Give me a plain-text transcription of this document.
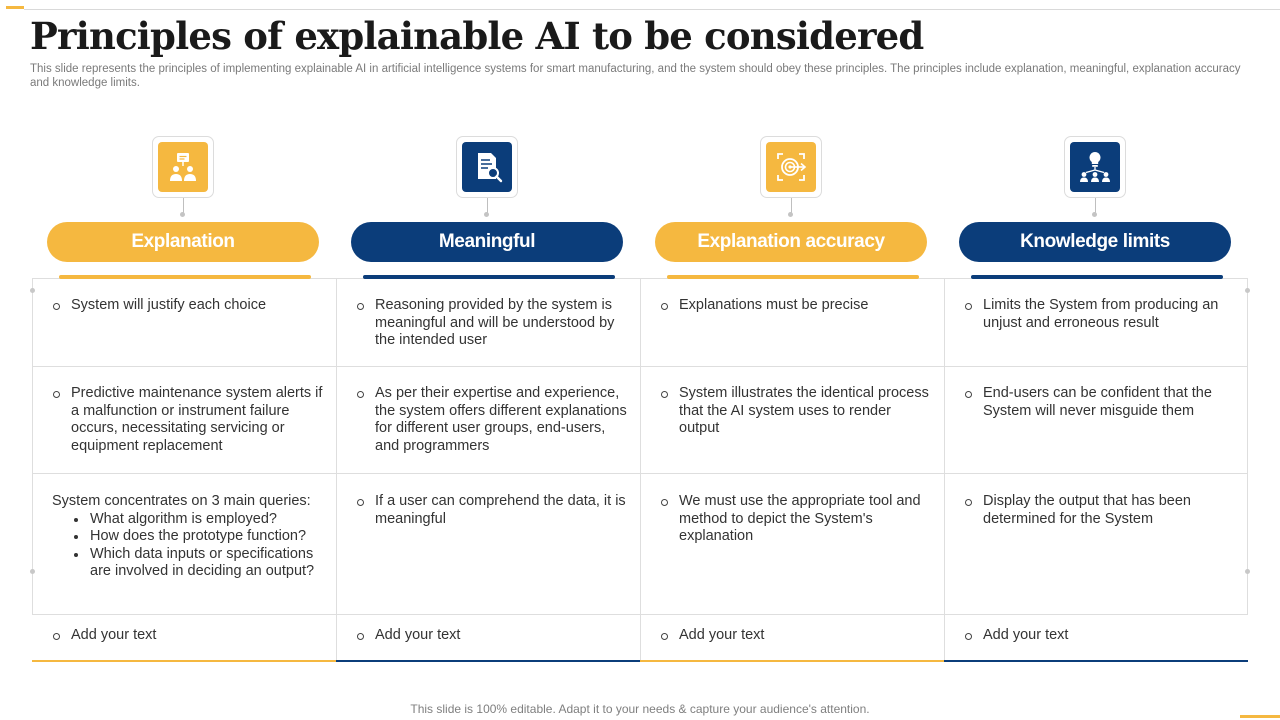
Principles of explainable AI to be considered

This slide represents the principles of implementing explainable AI in artificial intelligence systems for smart manufacturing, and the system should obey these principles. The principles include explanation, meaningful, explanation accuracy and knowledge limits.

Explanation
System will justify each choice
Predictive maintenance system alerts if a malfunction or instrument failure occurs, necessitating servicing or equipment replacement
System concentrates on 3 main queries:
What algorithm is employed?
How does the prototype function?
Which data inputs or specifications are involved in deciding an output?
Add your text
Meaningful
Reasoning provided by the system is meaningful and will be understood by the intended user
As per their expertise and experience, the system offers different explanations for different user groups, end-users, and programmers
If a user can comprehend the data, it is meaningful
Add your text
Explanation accuracy
Explanations must be precise
System illustrates the identical process that the AI system uses to render output
We must use the appropriate tool and method to depict the System's explanation
Add your text
Knowledge limits
Limits the System from producing an unjust and erroneous result
End-users can be confident that the System will never misguide them
Display the output that has been determined for the System
Add your text

This slide is 100% editable. Adapt it to your needs & capture your audience's attention.
